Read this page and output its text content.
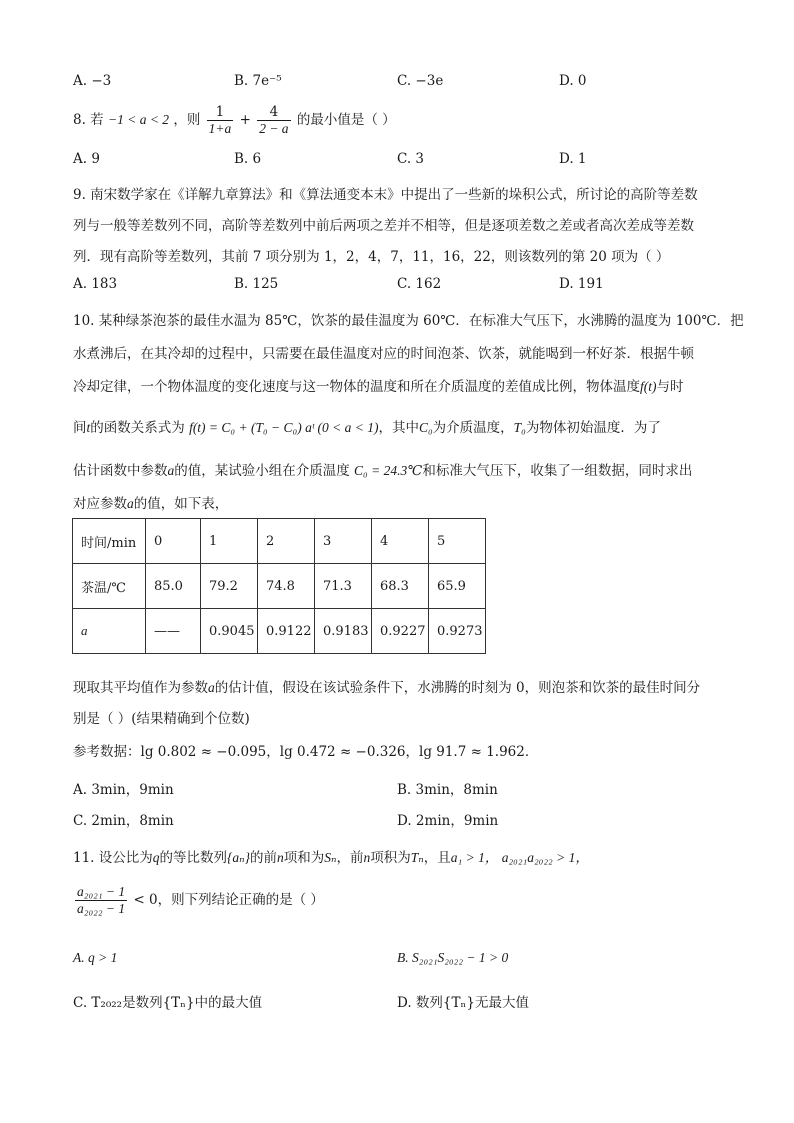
A. −3	B. 7e⁻⁵	C. −3e	D. 0
8. 若 −1 < a < 2 ，则 $\frac{1}{1+a} + \frac{4}{2 - a}$ 的最小值是（ ）
A. 9	B. 6	C. 3	D. 1
9. 南宋数学家在《详解九章算法》和《算法通变本末》中提出了一些新的垛积公式，所讨论的高阶等差数
列与一般等差数列不同，高阶等差数列中前后两项之差并不相等，但是逐项差数之差或者高次差成等差数
列．现有高阶等差数列，其前 7 项分别为 1，2，4，7，11，16，22，则该数列的第 20 项为（ ）
A. 183	B. 125	C. 162	D. 191
10. 某种绿茶泡茶的最佳水温为 85℃，饮茶的最佳温度为 60℃．在标准大气压下，水沸腾的温度为 100℃．把
水煮沸后，在其冷却的过程中，只需要在最佳温度对应的时间泡茶、饮茶，就能喝到一杯好茶．根据牛顿
冷却定律，一个物体温度的变化速度与这一物体的温度和所在介质温度的差值成比例，物体温度f(t)与时
间t的函数关系式为 f(t) = C₀ + (T₀ − C₀) aᵗ (0 < a < 1)，其中C₀为介质温度，T₀为物体初始温度．为了
估计函数中参数a的值，某试验小组在介质温度 C₀ = 24.3℃和标准大气压下，收集了一组数据，同时求出
对应参数a的值，如下表，
时间/min	0	1	2	3	4	5
茶温/℃	85.0	79.2	74.8	71.3	68.3	65.9
a	——	0.9045	0.9122	0.9183	0.9227	0.9273
现取其平均值作为参数a的估计值，假设在该试验条件下，水沸腾的时刻为 0，则泡茶和饮茶的最佳时间分
别是（ ）(结果精确到个位数)
参考数据：lg 0.802 ≈ −0.095，lg 0.472 ≈ −0.326，lg 91.7 ≈ 1.962．
A. 3min，9min	B. 3min，8min
C. 2min，8min	D. 2min，9min
11. 设公比为q的等比数列{aₙ}的前n项和为Sₙ，前n项积为Tₙ，且a₁ > 1， a₂₀₂₁a₂₀₂₂ > 1，
$\frac{\text{a₂₀₂₁ − 1}}{\text{a₂₀₂₂ − 1}} < 0$，则下列结论正确的是（ ）
A. q > 1	B. S₂₀₂₁S₂₀₂₂ − 1 > 0
C. T₂₀₂₂是数列{Tₙ}中的最大值	D. 数列{Tₙ}无最大值
